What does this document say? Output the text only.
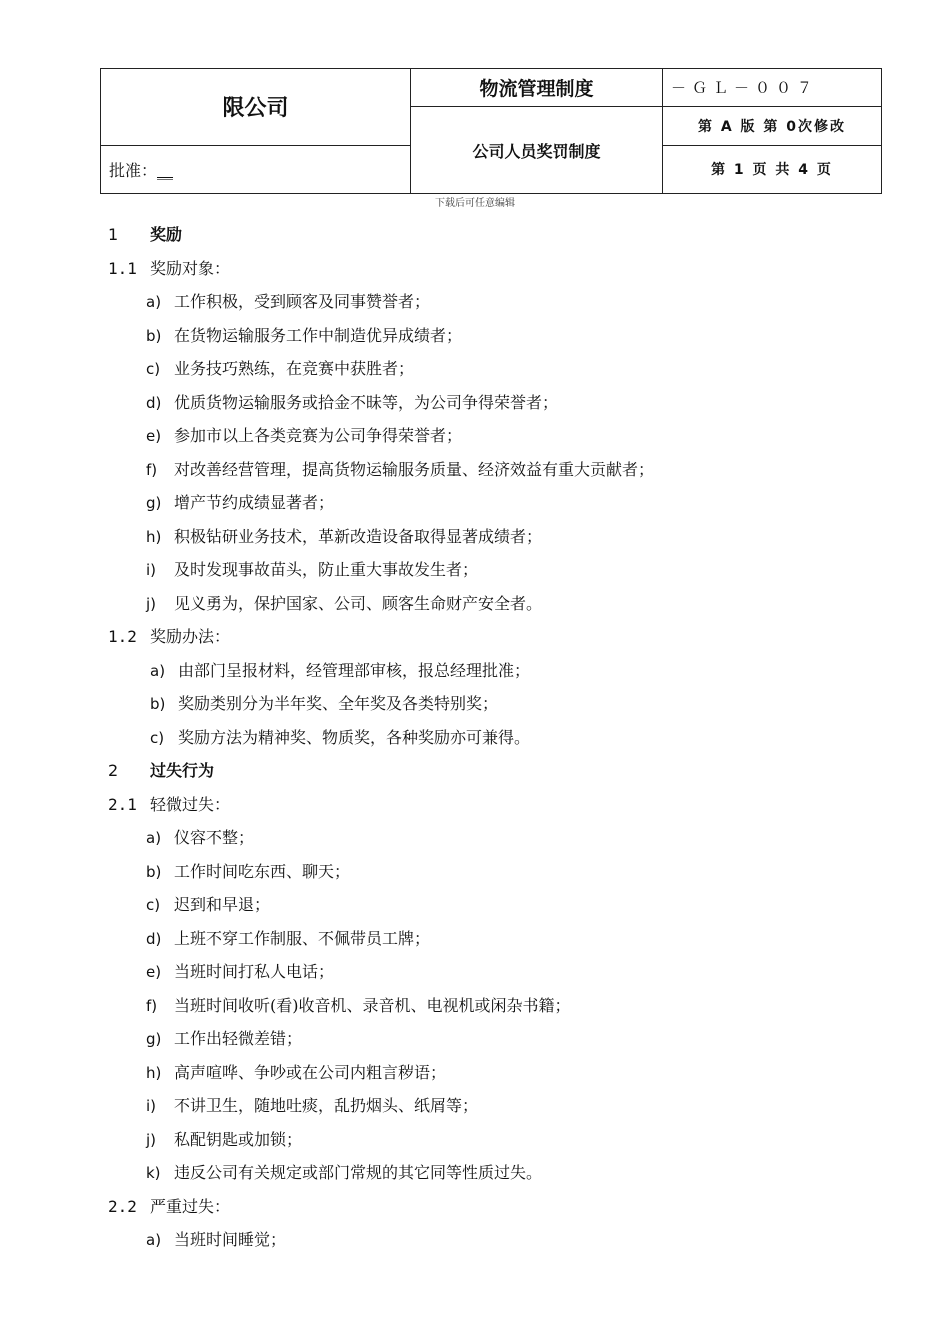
限公司	物流管理制度	－ＧＬ－００７
	公司人员奖罚制度	第 A 版 第 0次修改
批准：__		第 1 页 共 4 页
下载后可任意编辑
1 奖励
1.1 奖励对象：
a) 工作积极，受到顾客及同事赞誉者；
b) 在货物运输服务工作中制造优异成绩者；
c) 业务技巧熟练，在竞赛中获胜者；
d) 优质货物运输服务或拾金不昧等，为公司争得荣誉者；
e) 参加市以上各类竞赛为公司争得荣誉者；
f) 对改善经营管理，提高货物运输服务质量、经济效益有重大贡献者；
g) 增产节约成绩显著者；
h) 积极钻研业务技术，革新改造设备取得显著成绩者；
i) 及时发现事故苗头，防止重大事故发生者；
j) 见义勇为，保护国家、公司、顾客生命财产安全者。
1.2 奖励办法：
a) 由部门呈报材料，经管理部审核，报总经理批准；
b) 奖励类别分为半年奖、全年奖及各类特别奖；
c) 奖励方法为精神奖、物质奖，各种奖励亦可兼得。
2 过失行为
2.1 轻微过失：
a) 仪容不整；
b) 工作时间吃东西、聊天；
c) 迟到和早退；
d) 上班不穿工作制服、不佩带员工牌；
e) 当班时间打私人电话；
f) 当班时间收听(看)收音机、录音机、电视机或闲杂书籍；
g) 工作出轻微差错；
h) 高声喧哗、争吵或在公司内粗言秽语；
i) 不讲卫生，随地吐痰，乱扔烟头、纸屑等；
j) 私配钥匙或加锁；
k) 违反公司有关规定或部门常规的其它同等性质过失。
2.2 严重过失：
a) 当班时间睡觉；
